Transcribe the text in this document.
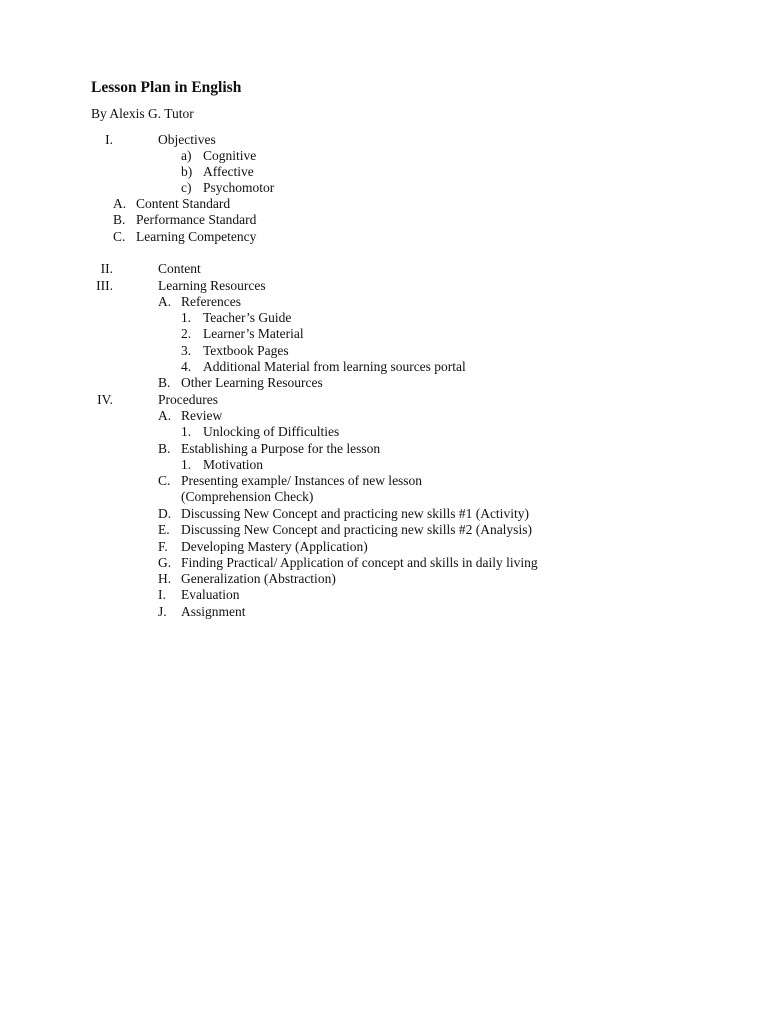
Lesson Plan in English
By Alexis G. Tutor
I.	Objectives
a) Cognitive
b) Affective
c) Psychomotor
A. Content Standard
B. Performance Standard
C. Learning Competency
II.	Content
III.	Learning Resources
A. References
1. Teacher’s Guide
2. Learner’s Material
3. Textbook Pages
4. Additional Material from learning sources portal
B. Other Learning Resources
IV.	Procedures
A. Review
1. Unlocking of Difficulties
B. Establishing a Purpose for the lesson
1. Motivation
C. Presenting example/ Instances of new lesson
(Comprehension Check)
D. Discussing New Concept and practicing new skills #1 (Activity)
E. Discussing New Concept and practicing new skills #2 (Analysis)
F. Developing Mastery (Application)
G. Finding Practical/ Application of concept and skills in daily living
H. Generalization (Abstraction)
I. Evaluation
J. Assignment
